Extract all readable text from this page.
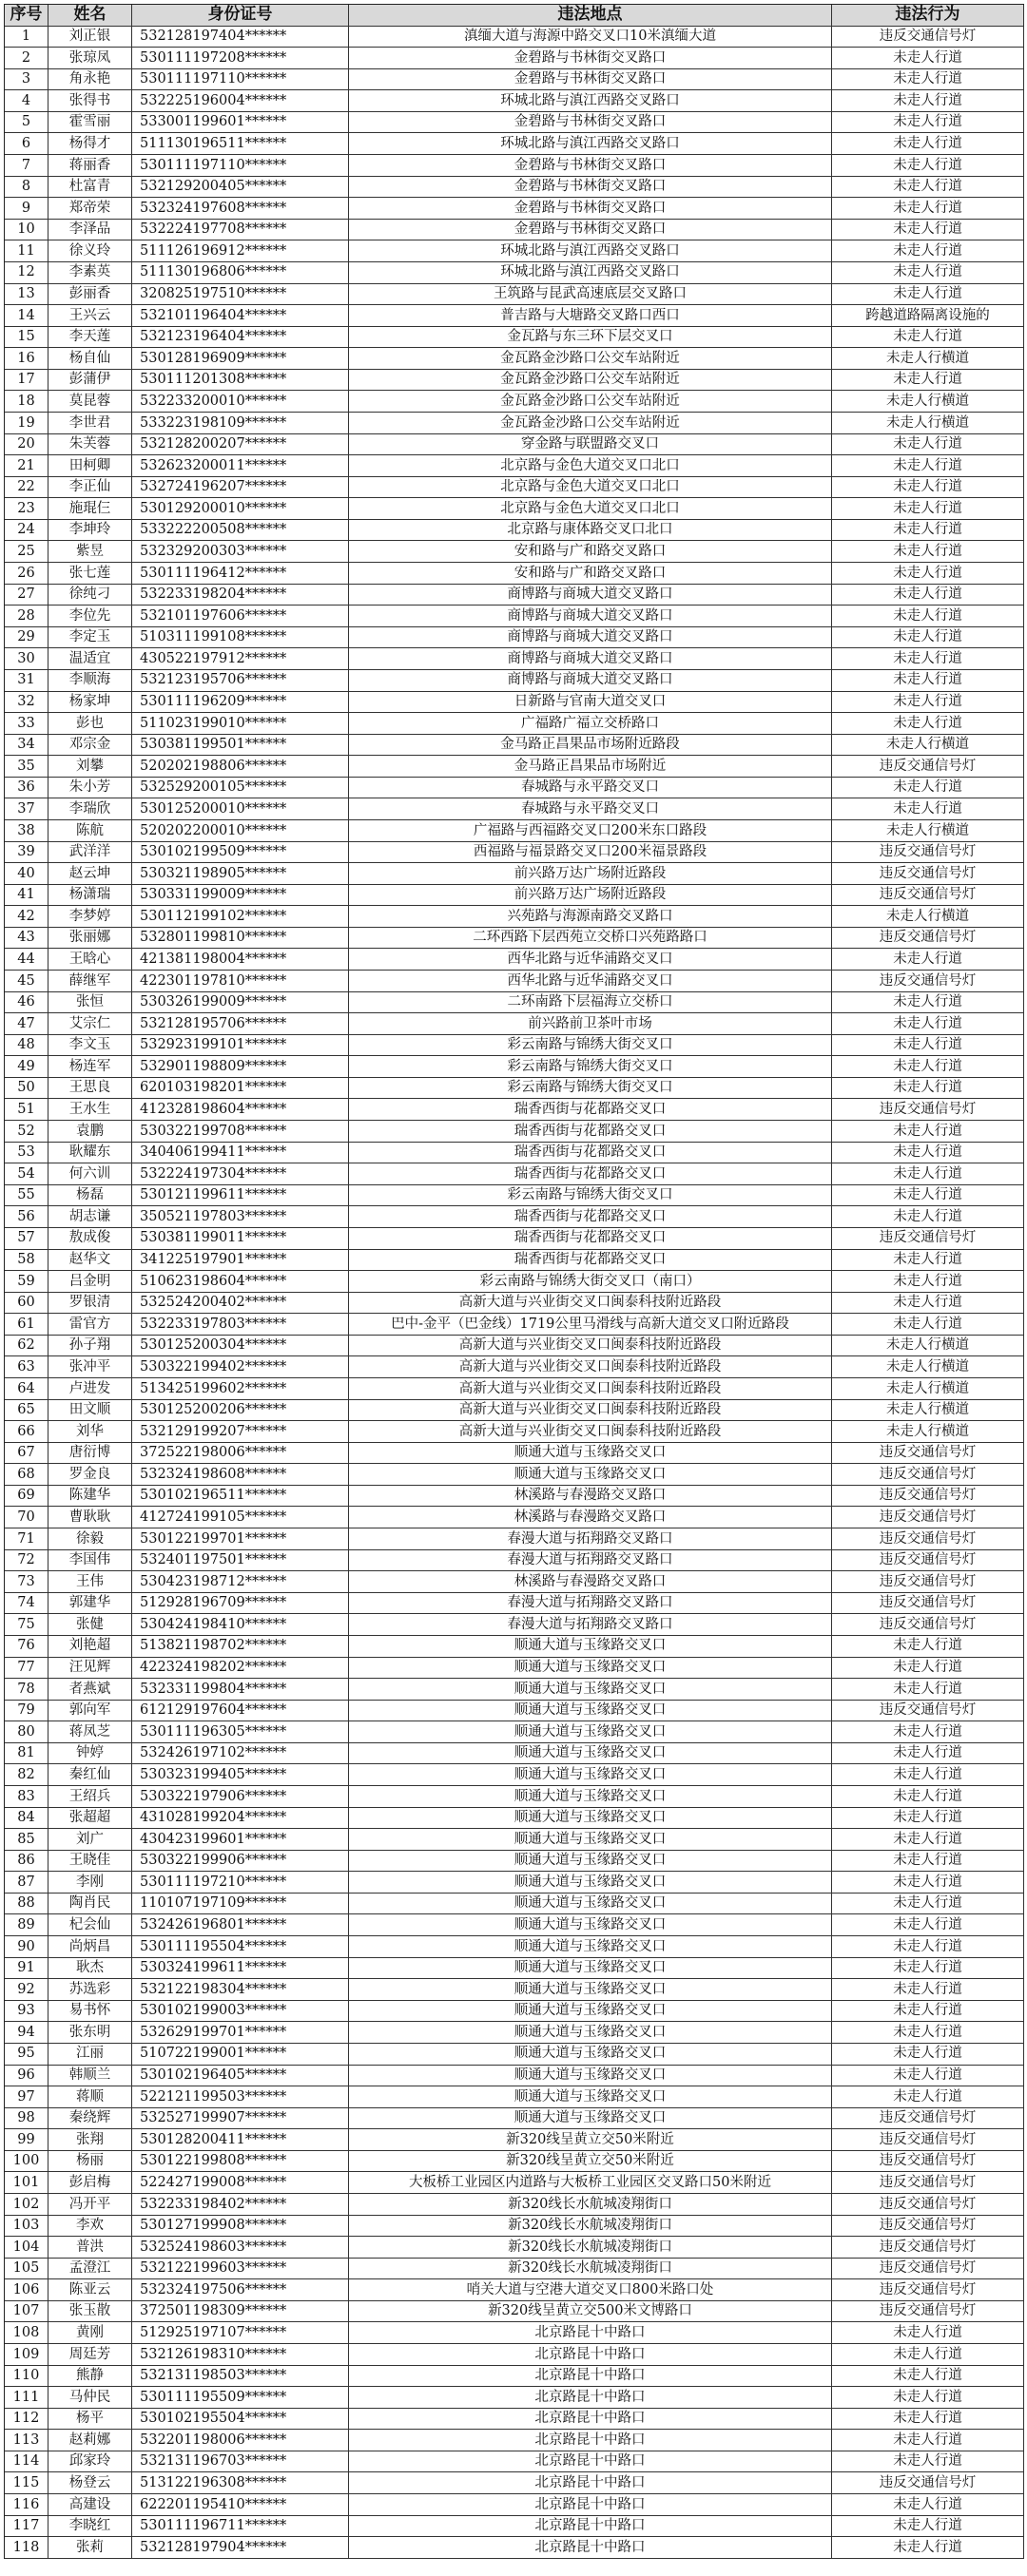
序号	姓名	身份证号	违法地点	违法行为
1	刘正银	532128197404******	滇缅大道与海源中路交叉口10米滇缅大道	违反交通信号灯
2	张琼凤	530111197208******	金碧路与书林街交叉路口	未走人行道
3	角永艳	530111197110******	金碧路与书林街交叉路口	未走人行道
4	张得书	532225196004******	环城北路与滇江西路交叉路口	未走人行道
5	霍雪丽	533001199601******	金碧路与书林街交叉路口	未走人行道
6	杨得才	511130196511******	环城北路与滇江西路交叉路口	未走人行道
7	蒋丽香	530111197110******	金碧路与书林街交叉路口	未走人行道
8	杜富青	532129200405******	金碧路与书林街交叉路口	未走人行道
9	郑帝荣	532324197608******	金碧路与书林街交叉路口	未走人行道
10	李泽品	532224197708******	金碧路与书林街交叉路口	未走人行道
11	徐义玲	511126196912******	环城北路与滇江西路交叉路口	未走人行道
12	李素英	511130196806******	环城北路与滇江西路交叉路口	未走人行道
13	彭丽香	320825197510******	王筑路与昆武高速底层交叉路口	未走人行道
14	王兴云	532101196404******	普吉路与大塘路交叉路口西口	跨越道路隔离设施的
15	李天莲	532123196404******	金瓦路与东三环下层交叉口	未走人行道
16	杨自仙	530128196909******	金瓦路金沙路口公交车站附近	未走人行横道
17	彭蒲伊	530111201308******	金瓦路金沙路口公交车站附近	未走人行道
18	莫昆蓉	532233200010******	金瓦路金沙路口公交车站附近	未走人行横道
19	李世君	533223198109******	金瓦路金沙路口公交车站附近	未走人行横道
20	朱芙蓉	532128200207******	穿金路与联盟路交叉口	未走人行道
21	田柯卿	532623200011******	北京路与金色大道交叉口北口	未走人行道
22	李正仙	532724196207******	北京路与金色大道交叉口北口	未走人行道
23	施琨仨	530129200010******	北京路与金色大道交叉口北口	未走人行道
24	李坤玲	533222200508******	北京路与康体路交叉口北口	未走人行道
25	紫昱	532329200303******	安和路与广和路交叉路口	未走人行道
26	张七莲	530111196412******	安和路与广和路交叉路口	未走人行道
27	徐纯刁	532233198204******	商博路与商城大道交叉路口	未走人行道
28	李位先	532101197606******	商博路与商城大道交叉路口	未走人行道
29	李定玉	510311199108******	商博路与商城大道交叉路口	未走人行道
30	温适宜	430522197912******	商博路与商城大道交叉路口	未走人行道
31	李顺海	532123195706******	商博路与商城大道交叉路口	未走人行道
32	杨家坤	530111196209******	日新路与官南大道交叉口	未走人行道
33	彭也	511023199010******	广福路广福立交桥路口	未走人行道
34	邓宗金	530381199501******	金马路正昌果品市场附近路段	未走人行横道
35	刘攀	520202198806******	金马路正昌果品市场附近	违反交通信号灯
36	朱小芳	532529200105******	春城路与永平路交叉口	未走人行道
37	李瑞欣	530125200010******	春城路与永平路交叉口	未走人行道
38	陈航	520202200010******	广福路与西福路交叉口200米东口路段	未走人行横道
39	武洋洋	530102199509******	西福路与福景路交叉口200米福景路段	违反交通信号灯
40	赵云坤	530321198905******	前兴路万达广场附近路段	违反交通信号灯
41	杨潇瑞	530331199009******	前兴路万达广场附近路段	违反交通信号灯
42	李梦婷	530112199102******	兴苑路与海源南路交叉路口	未走人行横道
43	张丽娜	532801199810******	二环西路下层西苑立交桥口兴苑路路口	违反交通信号灯
44	王晗心	421381198004******	西华北路与近华浦路交叉口	未走人行道
45	薛继军	422301197810******	西华北路与近华浦路交叉口	违反交通信号灯
46	张恒	530326199009******	二环南路下层福海立交桥口	未走人行道
47	艾宗仁	532128195706******	前兴路前卫茶叶市场	未走人行道
48	李文玉	532923199101******	彩云南路与锦绣大街交叉口	未走人行道
49	杨连军	532901198809******	彩云南路与锦绣大街交叉口	未走人行道
50	王思良	620103198201******	彩云南路与锦绣大街交叉口	未走人行道
51	王水生	412328198604******	瑞香西街与花都路交叉口	违反交通信号灯
52	袁鹏	530322199708******	瑞香西街与花都路交叉口	未走人行道
53	耿耀东	340406199411******	瑞香西街与花都路交叉口	未走人行道
54	何六训	532224197304******	瑞香西街与花都路交叉口	未走人行道
55	杨磊	530121199611******	彩云南路与锦绣大街交叉口	未走人行道
56	胡志谦	350521197803******	瑞香西街与花都路交叉口	未走人行道
57	敖成俊	530381199011******	瑞香西街与花都路交叉口	违反交通信号灯
58	赵华文	341225197901******	瑞香西街与花都路交叉口	未走人行道
59	吕金明	510623198604******	彩云南路与锦绣大街交叉口（南口）	未走人行道
60	罗银清	532524200402******	高新大道与兴业街交叉口闽泰科技附近路段	未走人行道
61	雷官方	532233197803******	巴中-金平（巴金线）1719公里马滑线与高新大道交叉口附近路段	未走人行道
62	孙子翔	530125200304******	高新大道与兴业街交叉口闽泰科技附近路段	未走人行横道
63	张冲平	530322199402******	高新大道与兴业街交叉口闽泰科技附近路段	未走人行横道
64	卢进发	513425199602******	高新大道与兴业街交叉口闽泰科技附近路段	未走人行横道
65	田文顺	530125200206******	高新大道与兴业街交叉口闽泰科技附近路段	未走人行横道
66	刘华	532129199207******	高新大道与兴业街交叉口闽泰科技附近路段	未走人行横道
67	唐衍博	372522198006******	顺通大道与玉缘路交叉口	违反交通信号灯
68	罗金良	532324198608******	顺通大道与玉缘路交叉口	违反交通信号灯
69	陈建华	530102196511******	林溪路与春漫路交叉路口	违反交通信号灯
70	曹耿耿	412724199105******	林溪路与春漫路交叉路口	违反交通信号灯
71	徐毅	530122199701******	春漫大道与拓翔路交叉路口	违反交通信号灯
72	李国伟	532401197501******	春漫大道与拓翔路交叉路口	违反交通信号灯
73	王伟	530423198712******	林溪路与春漫路交叉路口	违反交通信号灯
74	郭建华	512928196709******	春漫大道与拓翔路交叉路口	违反交通信号灯
75	张健	530424198410******	春漫大道与拓翔路交叉路口	违反交通信号灯
76	刘艳超	513821198702******	顺通大道与玉缘路交叉口	未走人行道
77	汪见辉	422324198202******	顺通大道与玉缘路交叉口	未走人行道
78	者燕斌	532331199804******	顺通大道与玉缘路交叉口	未走人行道
79	郭向军	612129197604******	顺通大道与玉缘路交叉口	违反交通信号灯
80	蒋凤芝	530111196305******	顺通大道与玉缘路交叉口	未走人行道
81	钟婷	532426197102******	顺通大道与玉缘路交叉口	未走人行道
82	秦红仙	530323199405******	顺通大道与玉缘路交叉口	未走人行道
83	王绍兵	530322197906******	顺通大道与玉缘路交叉口	未走人行道
84	张超超	431028199204******	顺通大道与玉缘路交叉口	未走人行道
85	刘广	430423199601******	顺通大道与玉缘路交叉口	未走人行道
86	王晓佳	530322199906******	顺通大道与玉缘路交叉口	未走人行道
87	李刚	530111197210******	顺通大道与玉缘路交叉口	未走人行道
88	陶肖民	110107197109******	顺通大道与玉缘路交叉口	未走人行道
89	杞会仙	532426196801******	顺通大道与玉缘路交叉口	未走人行道
90	尚炳昌	530111195504******	顺通大道与玉缘路交叉口	未走人行道
91	耿杰	530324199611******	顺通大道与玉缘路交叉口	未走人行道
92	苏选彩	532122198304******	顺通大道与玉缘路交叉口	未走人行道
93	易书怀	530102199003******	顺通大道与玉缘路交叉口	未走人行道
94	张东明	532629199701******	顺通大道与玉缘路交叉口	未走人行道
95	江丽	510722199001******	顺通大道与玉缘路交叉口	未走人行道
96	韩顺兰	530102196405******	顺通大道与玉缘路交叉口	未走人行道
97	蒋顺	522121199503******	顺通大道与玉缘路交叉口	未走人行道
98	秦绕辉	532527199907******	顺通大道与玉缘路交叉口	违反交通信号灯
99	张翔	530128200411******	新320线呈黄立交50米附近	违反交通信号灯
100	杨丽	530122199808******	新320线呈黄立交50米附近	违反交通信号灯
101	彭启梅	522427199008******	大板桥工业园区内道路与大板桥工业园区交叉路口50米附近	违反交通信号灯
102	冯开平	532233198402******	新320线长水航城凌翔街口	违反交通信号灯
103	李欢	530127199908******	新320线长水航城凌翔街口	违反交通信号灯
104	普洪	532524198603******	新320线长水航城凌翔街口	违反交通信号灯
105	孟澄江	532122199603******	新320线长水航城凌翔街口	违反交通信号灯
106	陈亚云	532324197506******	哨关大道与空港大道交叉口800米路口处	违反交通信号灯
107	张玉散	372501198309******	新320线呈黄立交500米文博路口	违反交通信号灯
108	黄刚	512925197107******	北京路昆十中路口	未走人行道
109	周廷芳	532126198310******	北京路昆十中路口	未走人行道
110	熊静	532131198503******	北京路昆十中路口	未走人行道
111	马仲民	530111195509******	北京路昆十中路口	未走人行道
112	杨平	530102195504******	北京路昆十中路口	未走人行道
113	赵莉娜	532201198006******	北京路昆十中路口	未走人行道
114	邱家玲	532131196703******	北京路昆十中路口	未走人行道
115	杨登云	513122196308******	北京路昆十中路口	违反交通信号灯
116	高建设	622201195410******	北京路昆十中路口	未走人行道
117	李晓红	530111196711******	北京路昆十中路口	未走人行道
118	张莉	532128197904******	北京路昆十中路口	未走人行道
